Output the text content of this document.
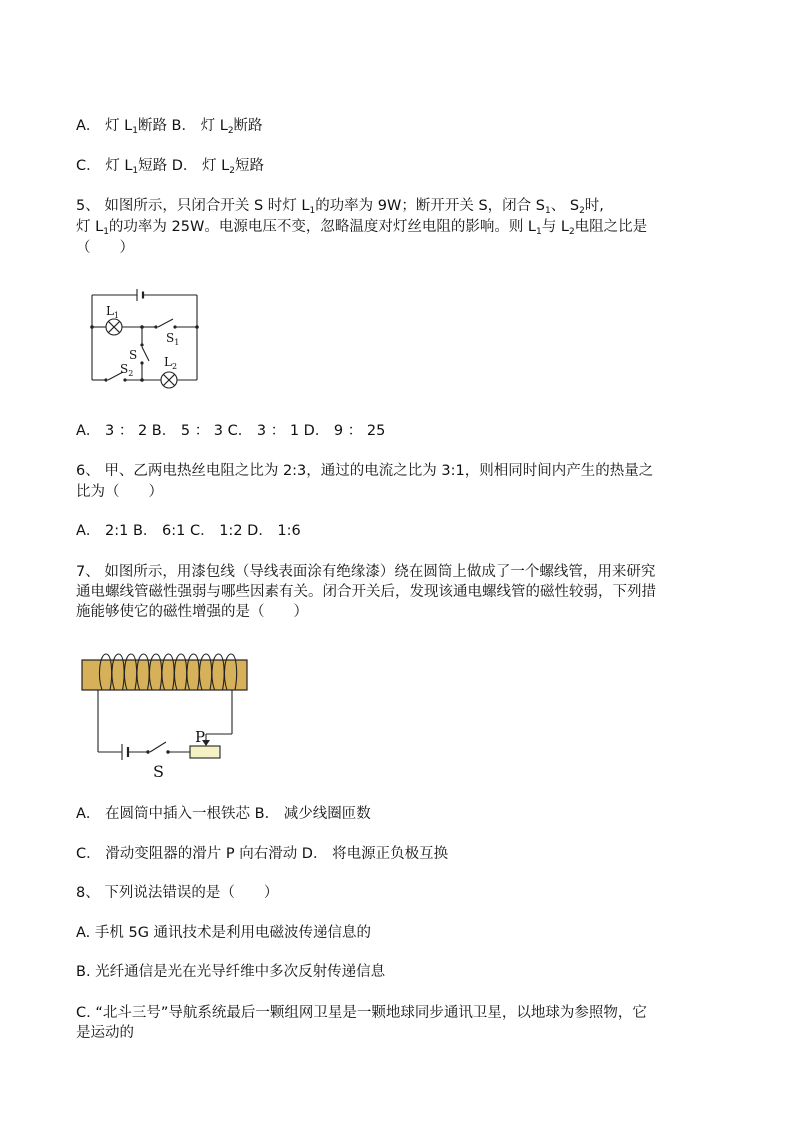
A． 灯 $L_1$断路 B． 灯 $L_2$断路
C． 灯 $L_1$短路 D． 灯 $L_2$短路
5、 如图所示，只闭合开关 S 时灯 $L_1$的功率为 9W；断开开关 S，闭合 $S_1$、 $S_2$时,
灯 $L_1$的功率为 25W。电源电压不变，忽略温度对灯丝电阻的影响。则 $L_1$与 $L_2$电阻之比是
（　　）
$L_1$
$S_1$
S
$S_2$
$L_2$
A． 3 ： 2 B． 5 ： 3 C． 3 ： 1 D． 9 ： 25
6、 甲、乙两电热丝电阻之比为 2:3，通过的电流之比为 3:1，则相同时间内产生的热量之
比为（　　）
A． 2:1 B． 6:1 C． 1:2 D． 1:6
7、 如图所示，用漆包线（导线表面涂有绝缘漆）绕在圆筒上做成了一个螺线管，用来研究
通电螺线管磁性强弱与哪些因素有关。闭合开关后，发现该通电螺线管的磁性较弱，下列措
施能够使它的磁性增强的是（　　）
P
S
A． 在圆筒中插入一根铁芯 B． 减少线圈匝数
C． 滑动变阻器的滑片 P 向右滑动 D． 将电源正负极互换
8、 下列说法错误的是（　　）
A. 手机 5G 通讯技术是利用电磁波传递信息的
B. 光纤通信是光在光导纤维中多次反射传递信息
C. “北斗三号”导航系统最后一颗组网卫星是一颗地球同步通讯卫星，以地球为参照物，它
是运动的
